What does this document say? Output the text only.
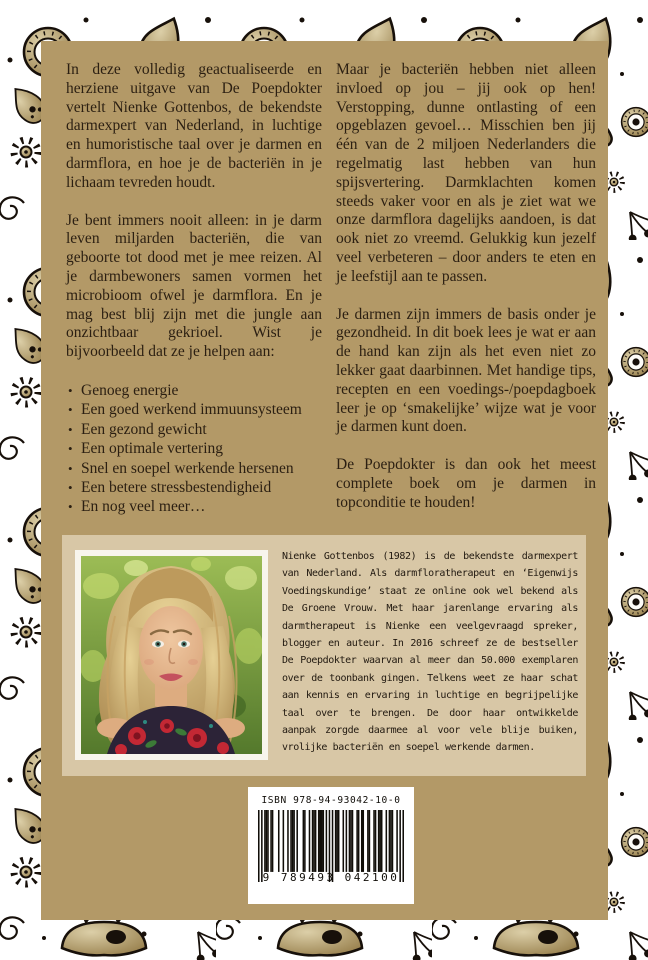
In deze volledig geactualiseerde en herziene uitgave van De Poepdokter vertelt Nienke Gottenbos, de bekendste darmexpert van Nederland, in luchtige en humoristische taal over je darmen en darmflora, en hoe je de bacteriën in je lichaam tevreden houdt.

Je bent immers nooit alleen: in je darm leven miljarden bacteriën, die van geboorte tot dood met je mee reizen. Al je darmbewoners samen vormen het microbioom ofwel je darmflora. En je mag best blij zijn met die jungle aan onzichtbaar gekrioel. Wist je bijvoorbeeld dat ze je helpen aan:

• Genoeg energie
• Een goed werkend immuunsysteem
• Een gezond gewicht
• Een optimale vertering
• Snel en soepel werkende hersenen
• Een betere stressbestendigheid
• En nog veel meer…

Maar je bacteriën hebben niet alleen invloed op jou – jij ook op hen! Verstopping, dunne ontlasting of een opgeblazen gevoel… Misschien ben jij één van de 2 miljoen Nederlanders die regelmatig last hebben van hun spijsvertering. Darmklachten komen steeds vaker voor en als je ziet wat we onze darmflora dagelijks aandoen, is dat ook niet zo vreemd. Gelukkig kun jezelf veel verbeteren – door anders te eten en je leefstijl aan te passen.

Je darmen zijn immers de basis onder je gezondheid. In dit boek lees je wat er aan de hand kan zijn als het even niet zo lekker gaat daarbinnen. Met handige tips, recepten en een voedings-/poepdagboek leer je op ‘smakelijke’ wijze wat je voor je darmen kunt doen.

De Poepdokter is dan ook het meest complete boek om je darmen in topconditie te houden!

Nienke Gottenbos (1982) is de bekendste darmexpert van Nederland. Als darmfloratherapeut en ‘Eigenwijs Voedingskundige’ staat ze online ook wel bekend als De Groene Vrouw. Met haar jarenlange ervaring als darmtherapeut is Nienke een veelgevraagd spreker, blogger en auteur. In 2016 schreef ze de bestseller De Poepdokter waarvan al meer dan 50.000 exemplaren over de toonbank gingen. Telkens weet ze haar schat aan kennis en ervaring in luchtige en begrijpelijke taal over te brengen. De door haar ontwikkelde aanpak zorgde daarmee al voor vele blije buiken, vrolijke bacteriën en soepel werkende darmen.

ISBN 978-94-93042-10-0
9 789493 042100
